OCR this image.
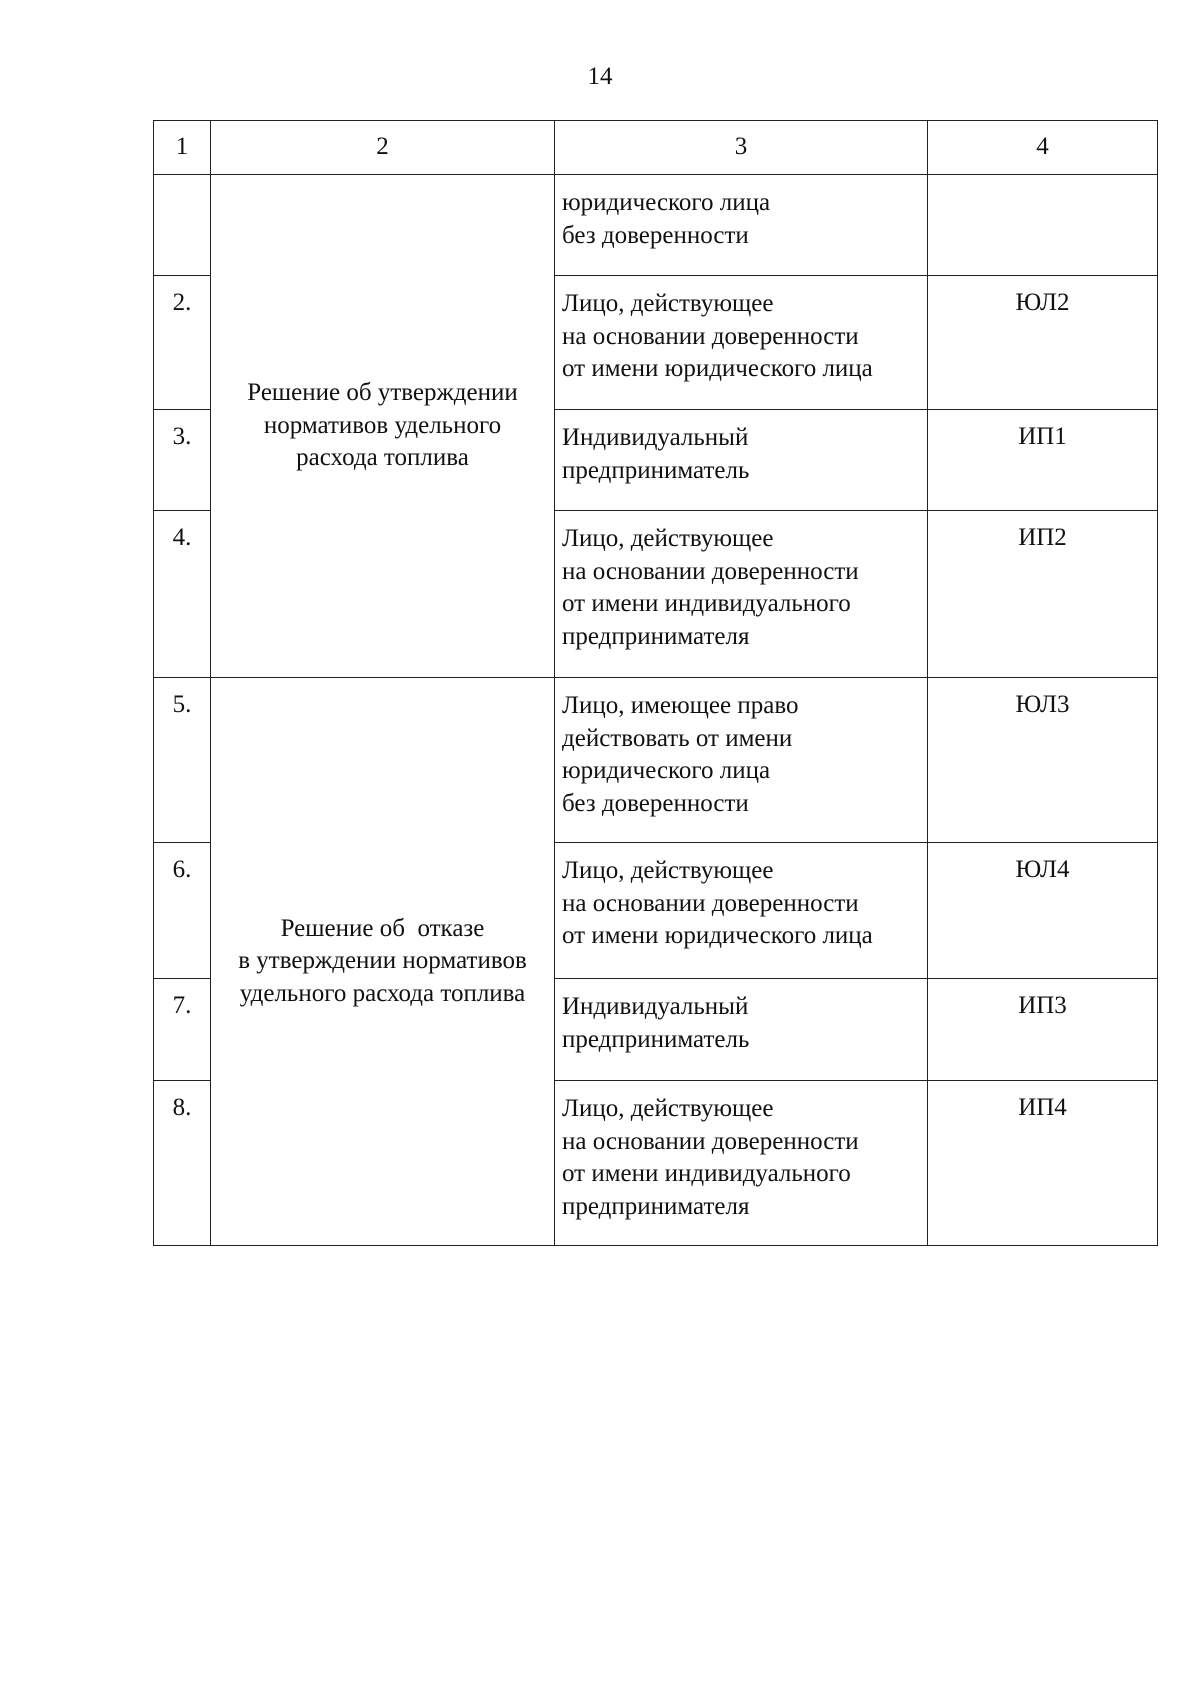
14
1	2	3	4

	Решение об утверждении
нормативов удельного
расхода топлива	юридического лица
без доверенности	

2.		Лицо, действующее
на основании доверенности
от имени юридического лица	ЮЛ2
3.		Индивидуальный
предприниматель	ИП1
4.		Лицо, действующее
на основании доверенности
от имени индивидуального
предпринимателя	ИП2
5.	Решение об  отказе
в утверждении нормативов
удельного расхода топлива	Лицо, имеющее право
действовать от имени
юридического лица
без доверенности	ЮЛ3
6.		Лицо, действующее
на основании доверенности
от имени юридического лица	ЮЛ4
7.		Индивидуальный
предприниматель	ИП3
8.		Лицо, действующее
на основании доверенности
от имени индивидуального
предпринимателя	ИП4
